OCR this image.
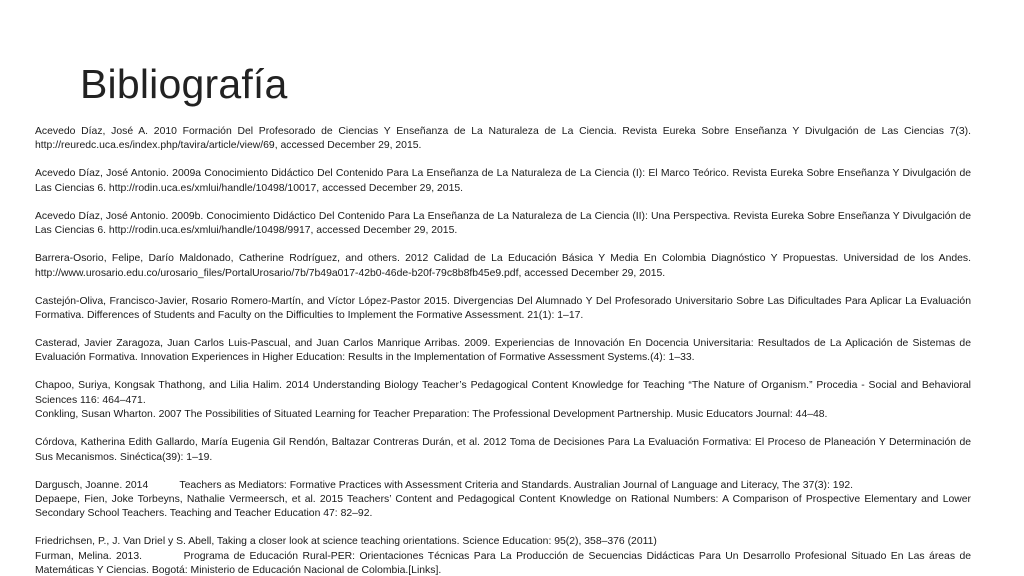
Bibliografía

Acevedo Díaz, José A. 2010 Formación Del Profesorado de Ciencias Y Enseñanza de La Naturaleza de La Ciencia. Revista Eureka Sobre Enseñanza Y Divulgación de Las Ciencias 7(3). http://reuredc.uca.es/index.php/tavira/article/view/69, accessed December 29, 2015.

Acevedo Díaz, José Antonio. 2009a Conocimiento Didáctico Del Contenido Para La Enseñanza de La Naturaleza de La Ciencia (I): El Marco Teórico. Revista Eureka Sobre Enseñanza Y Divulgación de Las Ciencias 6. http://rodin.uca.es/xmlui/handle/10498/10017, accessed December 29, 2015.

Acevedo Díaz, José Antonio. 2009b. Conocimiento Didáctico Del Contenido Para La Enseñanza de La Naturaleza de La Ciencia (II): Una Perspectiva. Revista Eureka Sobre Enseñanza Y Divulgación de Las Ciencias 6. http://rodin.uca.es/xmlui/handle/10498/9917, accessed December 29, 2015.

Barrera-Osorio, Felipe, Darío Maldonado, Catherine Rodríguez, and others. 2012 Calidad de La Educación Básica Y Media En Colombia Diagnóstico Y Propuestas. Universidad de los Andes. http://www.urosario.edu.co/urosario_files/PortalUrosario/7b/7b49a017-42b0-46de-b20f-79c8b8fb45e9.pdf, accessed December 29, 2015.

Castejón-Oliva, Francisco-Javier, Rosario Romero-Martín, and Víctor López-Pastor 2015. Divergencias Del Alumnado Y Del Profesorado Universitario Sobre Las Dificultades Para Aplicar La Evaluación Formativa. Differences of Students and Faculty on the Difficulties to Implement the Formative Assessment. 21(1): 1–17.

Casterad, Javier Zaragoza, Juan Carlos Luis-Pascual, and Juan Carlos Manrique Arribas. 2009. Experiencias de Innovación En Docencia Universitaria: Resultados de La Aplicación de Sistemas de Evaluación Formativa. Innovation Experiences in Higher Education: Results in the Implementation of Formative Assessment Systems.(4): 1–33.

Chapoo, Suriya, Kongsak Thathong, and Lilia Halim. 2014 Understanding Biology Teacher’s Pedagogical Content Knowledge for Teaching “The Nature of Organism.” Procedia - Social and Behavioral Sciences 116: 464–471.

Conkling, Susan Wharton. 2007 The Possibilities of Situated Learning for Teacher Preparation: The Professional Development Partnership. Music Educators Journal: 44–48.

Córdova, Katherina Edith Gallardo, María Eugenia Gil Rendón, Baltazar Contreras Durán, et al. 2012 Toma de Decisiones Para La Evaluación Formativa: El Proceso de Planeación Y Determinación de Sus Mecanismos. Sinéctica(39): 1–19.

Dargusch, Joanne. 2014   Teachers as Mediators: Formative Practices with Assessment Criteria and Standards. Australian Journal of Language and Literacy, The 37(3): 192.

Depaepe, Fien, Joke Torbeyns, Nathalie Vermeersch, et al. 2015 Teachers’ Content and Pedagogical Content Knowledge on Rational Numbers: A Comparison of Prospective Elementary and Lower Secondary School Teachers. Teaching and Teacher Education 47: 82–92.

Friedrichsen, P., J. Van Driel y S. Abell, Taking a closer look at science teaching orientations. Science Education: 95(2), 358–376 (2011)

Furman, Melina. 2013.    Programa de Educación Rural-PER: Orientaciones Técnicas Para La Producción de Secuencias Didácticas Para Un Desarrollo Profesional Situado En Las áreas de Matemáticas Y Ciencias. Bogotá: Ministerio de Educación Nacional de Colombia.[Links].
